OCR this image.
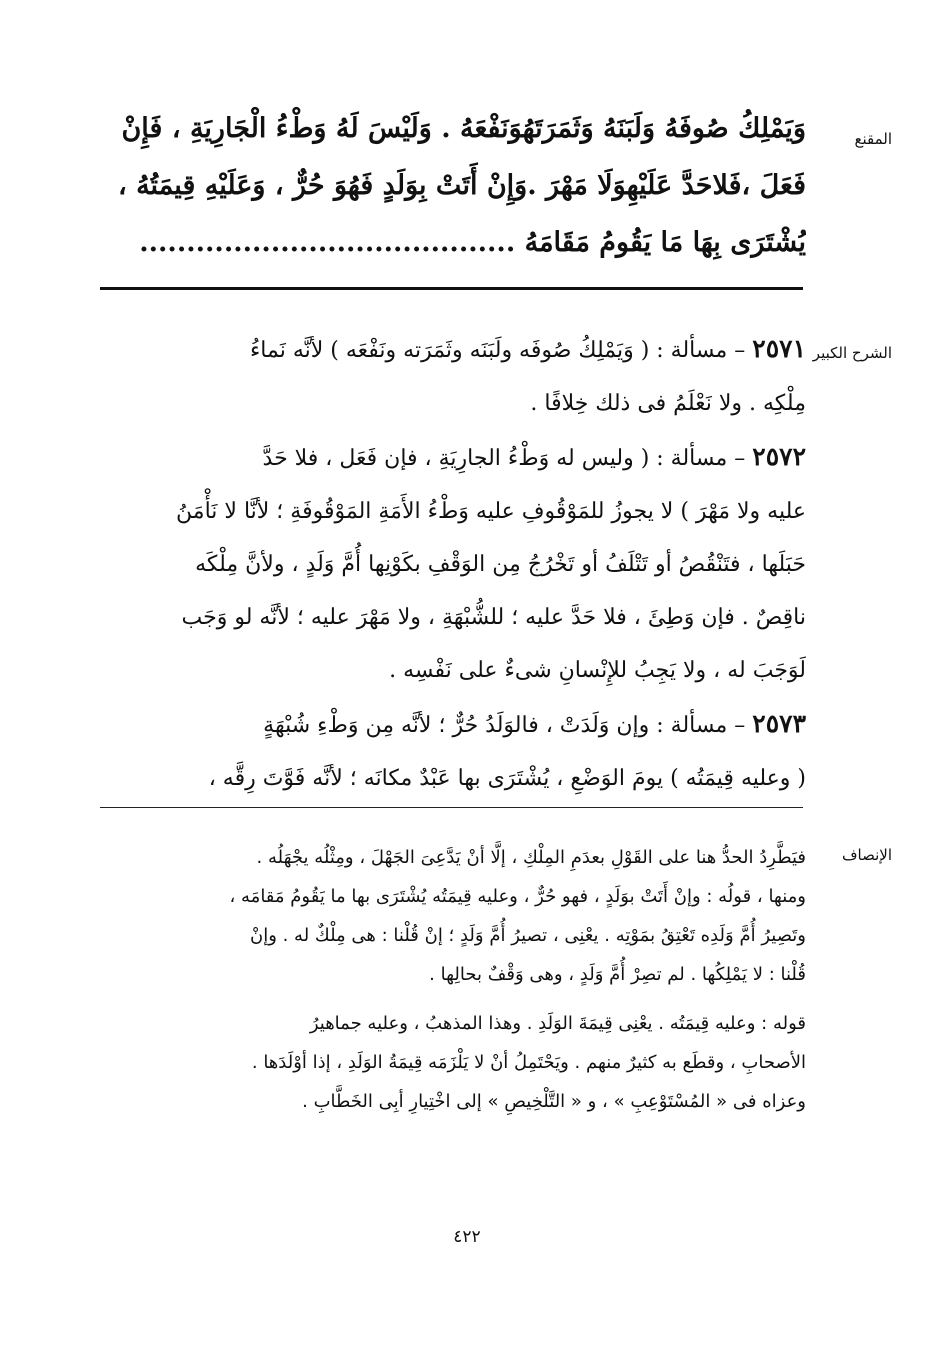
المقنع
وَيَمْلِكُ صُوفَهُ وَلَبَنَهُ وَثَمَرَتَهُوَنَفْعَهُ . وَلَيْسَ لَهُ وَطْءُ الْجَارِيَةِ ، فَإِنْ
فَعَلَ ،فَلاحَدَّ عَلَيْهِوَلَا مَهْرَ .وَإِنْ أَتَتْ بِوَلَدٍ فَهُوَ حُرٌّ ، وَعَلَيْهِ قِيمَتُهُ ،
يُشْتَرَى بِهَا مَا يَقُومُ مَقَامَهُ ........................................
الشرح الكبير
٢٥٧١ – مسألة : ( وَيَمْلِكُ صُوفَه ولَبَنَه وثَمَرَته ونَفْعَه ) لأنَّه نَماءُ
مِلْكِه . ولا نَعْلَمُ فى ذلك خِلافًا .
٢٥٧٢ – مسألة : ( وليس له وَطْءُ الجارِيَةِ ، فإن فَعَل ، فلا حَدَّ
عليه ولا مَهْرَ ) لا يجوزُ للمَوْقُوفِ عليه وَطْءُ الأَمَةِ المَوْقُوفَةِ ؛ لأنَّا لا نَأْمَنُ
حَبَلَها ، فتَنْقُصُ أو تَتْلَفُ أو تَخْرُجُ مِن الوَقْفِ بكَوْنِها أُمَّ وَلَدٍ ، ولأنَّ مِلْكَه
ناقِصٌ . فإن وَطِئَ ، فلا حَدَّ عليه ؛ للشُّبْهَةِ ، ولا مَهْرَ عليه ؛ لأنَّه لو وَجَب
لَوَجَبَ له ، ولا يَجِبُ للإِنْسانِ شىءٌ على نَفْسِه .
٢٥٧٣ – مسألة : وإن وَلَدَتْ ، فالوَلَدُ حُرٌّ ؛ لأنَّه مِن وَطْءِ شُبْهَةٍ
( وعليه قِيمَتُه ) يومَ الوَضْعِ ، يُشْتَرَى بها عَبْدٌ مكانَه ؛ لأنَّه فَوَّتَ رِقَّه ،
الإنصاف
فيَطَّرِدُ الحدُّ هنا على القَوْلِ بعدَمِ المِلْكِ ، إلَّا أنْ يَدَّعِىَ الجَهْلَ ، ومِثْلُه يجْهَلُه .
ومنها ، قولُه : وإنْ أَتَتْ بوَلَدٍ ، فهو حُرٌّ ، وعليه قِيمَتُه يُشْتَرَى بها ما يَقُومُ مَقامَه ،
وتَصِيرُ أُمَّ وَلَدِه تَعْتِقُ بمَوْتِه . يعْنِى ، تصيرُ أُمَّ وَلَدٍ ؛ إنْ قُلْنا : هى مِلْكٌ له . وإنْ
قُلْنا : لا يَمْلِكُها . لم تصِرْ أُمَّ وَلَدٍ ، وهى وَقْفٌ بحالِها .
قوله : وعليه قِيمَتُه . يعْنِى قِيمَةَ الوَلَدِ . وهذا المذهبُ ، وعليه جماهيرُ
الأصحابِ ، وقطَع به كثيرٌ منهم . ويَحْتَمِلُ أنْ لا يَلْزَمَه قِيمَةُ الوَلَدِ ، إذا أوْلَدَها .
وعزاه فى « المُسْتَوْعِبِ » ، و « التَّلْخِيصِ » إلى اخْتِيارِ أبِى الخَطَّابِ .
٤٢٢
